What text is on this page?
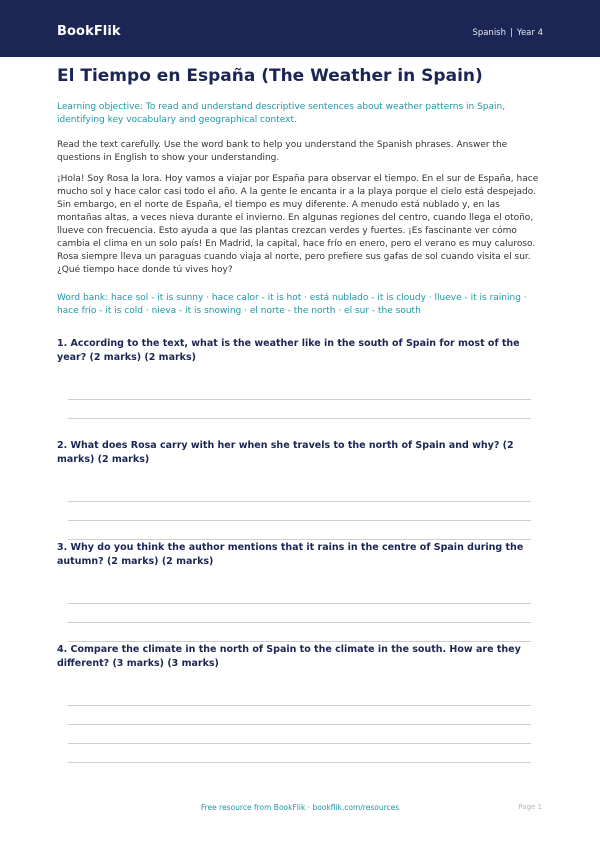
BookFlik	Spanish | Year 4
El Tiempo en España (The Weather in Spain)

Learning objective: To read and understand descriptive sentences about weather patterns in Spain, identifying key vocabulary and geographical context.

Read the text carefully. Use the word bank to help you understand the Spanish phrases. Answer the questions in English to show your understanding.

¡Hola! Soy Rosa la lora. Hoy vamos a viajar por España para observar el tiempo. En el sur de España, hace mucho sol y hace calor casi todo el año. A la gente le encanta ir a la playa porque el cielo está despejado. Sin embargo, en el norte de España, el tiempo es muy diferente. A menudo está nublado y, en las montañas altas, a veces nieva durante el invierno. En algunas regiones del centro, cuando llega el otoño, llueve con frecuencia. Esto ayuda a que las plantas crezcan verdes y fuertes. ¡Es fascinante ver cómo cambia el clima en un solo país! En Madrid, la capital, hace frío en enero, pero el verano es muy caluroso. Rosa siempre lleva un paraguas cuando viaja al norte, pero prefiere sus gafas de sol cuando visita el sur. ¿Qué tiempo hace donde tú vives hoy?

Word bank: hace sol - it is sunny · hace calor - it is hot · está nublado - it is cloudy · llueve - it is raining · hace frío - it is cold · nieva - it is snowing · el norte - the north · el sur - the south

1. According to the text, what is the weather like in the south of Spain for most of the year? (2 marks) (2 marks)
2. What does Rosa carry with her when she travels to the north of Spain and why? (2 marks) (2 marks)
3. Why do you think the author mentions that it rains in the centre of Spain during the autumn? (2 marks) (2 marks)
4. Compare the climate in the north of Spain to the climate in the south. How are they different? (3 marks) (3 marks)
Free resource from BookFlik · bookflik.com/resources	Page 1
